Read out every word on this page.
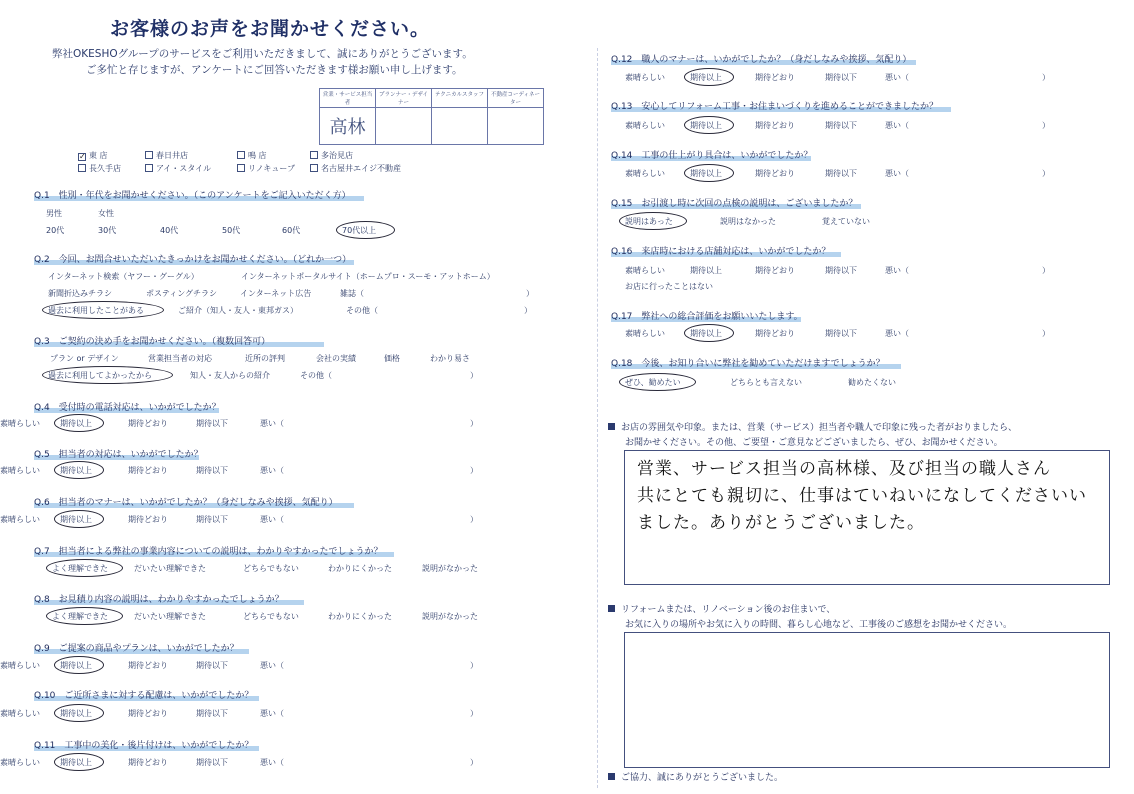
お客様のお声をお聞かせください。
弊社OKESHOグループのサービスをご利用いただきまして、誠にありがとうございます。
ご多忙と存じますが、アンケートにご回答いただきます様お願い申し上げます。
営業・サービス担当者	プランナー・デザイナー	テクニカルスタッフ	不動産コーディネーター
高林			
✓ 東 店	春日井店	鳴 店	多治見店
長久手店	アイ・スタイル	リノキューブ	名古屋井エイジ不動産
Q.1　性別・年代をお聞かせください。（このアンケートをご記入いただく方）
男性	女性
20代	30代	40代	50代	60代	70代以上
Q.2　今回、お問合せいただいたきっかけをお聞かせください。（どれか一つ）
インターネット検索（ヤフー・グーグル）	インターネットポータルサイト（ホームプロ・スーモ・アットホーム）
新聞折込みチラシ	ポスティングチラシ	インターネット広告	雑誌（	）
過去に利用したことがある	ご紹介（知人・友人・東邦ガス）	その他（	）
Q.3　ご契約の決め手をお聞かせください。（複数回答可）
プラン or デザイン	営業担当者の対応	近所の評判	会社の実績	価格	わかり易さ
過去に利用してよかったから	知人・友人からの紹介	その他（	）
Q.4　受付時の電話対応は、いかがでしたか？
素晴らしい	期待以上	期待どおり	期待以下	悪い（	）
Q.5　担当者の対応は、いかがでしたか？
素晴らしい	期待以上	期待どおり	期待以下	悪い（	）
Q.6　担当者のマナーは、いかがでしたか？（身だしなみや挨拶、気配り）
素晴らしい	期待以上	期待どおり	期待以下	悪い（	）
Q.7　担当者による弊社の事業内容についての説明は、わかりやすかったでしょうか？
よく理解できた	だいたい理解できた	どちらでもない	わかりにくかった	説明がなかった
Q.8　お見積り内容の説明は、わかりやすかったでしょうか？
よく理解できた	だいたい理解できた	どちらでもない	わかりにくかった	説明がなかった
Q.9　ご提案の商品やプランは、いかがでしたか？
素晴らしい	期待以上	期待どおり	期待以下	悪い（	）
Q.10　ご近所さまに対する配慮は、いかがでしたか？
素晴らしい	期待以上	期待どおり	期待以下	悪い（	）
Q.11　工事中の美化・後片付けは、いかがでしたか？
素晴らしい	期待以上	期待どおり	期待以下	悪い（	）
Q.12　職人のマナーは、いかがでしたか？（身だしなみや挨拶、気配り）
素晴らしい	期待以上	期待どおり	期待以下	悪い（	）
Q.13　安心してリフォーム工事・お住まいづくりを進めることができましたか？
素晴らしい	期待以上	期待どおり	期待以下	悪い（	）
Q.14　工事の仕上がり具合は、いかがでしたか？
素晴らしい	期待以上	期待どおり	期待以下	悪い（	）
Q.15　お引渡し時に次回の点検の説明は、ございましたか？
説明はあった	説明はなかった	覚えていない
Q.16　来店時における店舗対応は、いかがでしたか？
素晴らしい	期待以上	期待どおり	期待以下	悪い（	）
お店に行ったことはない
Q.17　弊社への総合評価をお願いいたします。
素晴らしい	期待以上	期待どおり	期待以下	悪い（	）
Q.18　今後、お知り合いに弊社を勧めていただけますでしょうか？
ぜひ、勧めたい	どちらとも言えない	勧めたくない
お店の雰囲気や印象。または、営業（サービス）担当者や職人で印象に残った者がおりましたら、
お聞かせください。その他、ご要望・ご意見などございましたら、ぜひ、お聞かせください。
営業、サービス担当の高林様、及び担当の職人さん
共にとても親切に、仕事はていねいになしてくださいい
ました。ありがとうございました。
リフォームまたは、リノベーション後のお住まいで、
お気に入りの場所やお気に入りの時間、暮らし心地など、工事後のご感想をお聞かせください。
ご協力、誠にありがとうございました。
